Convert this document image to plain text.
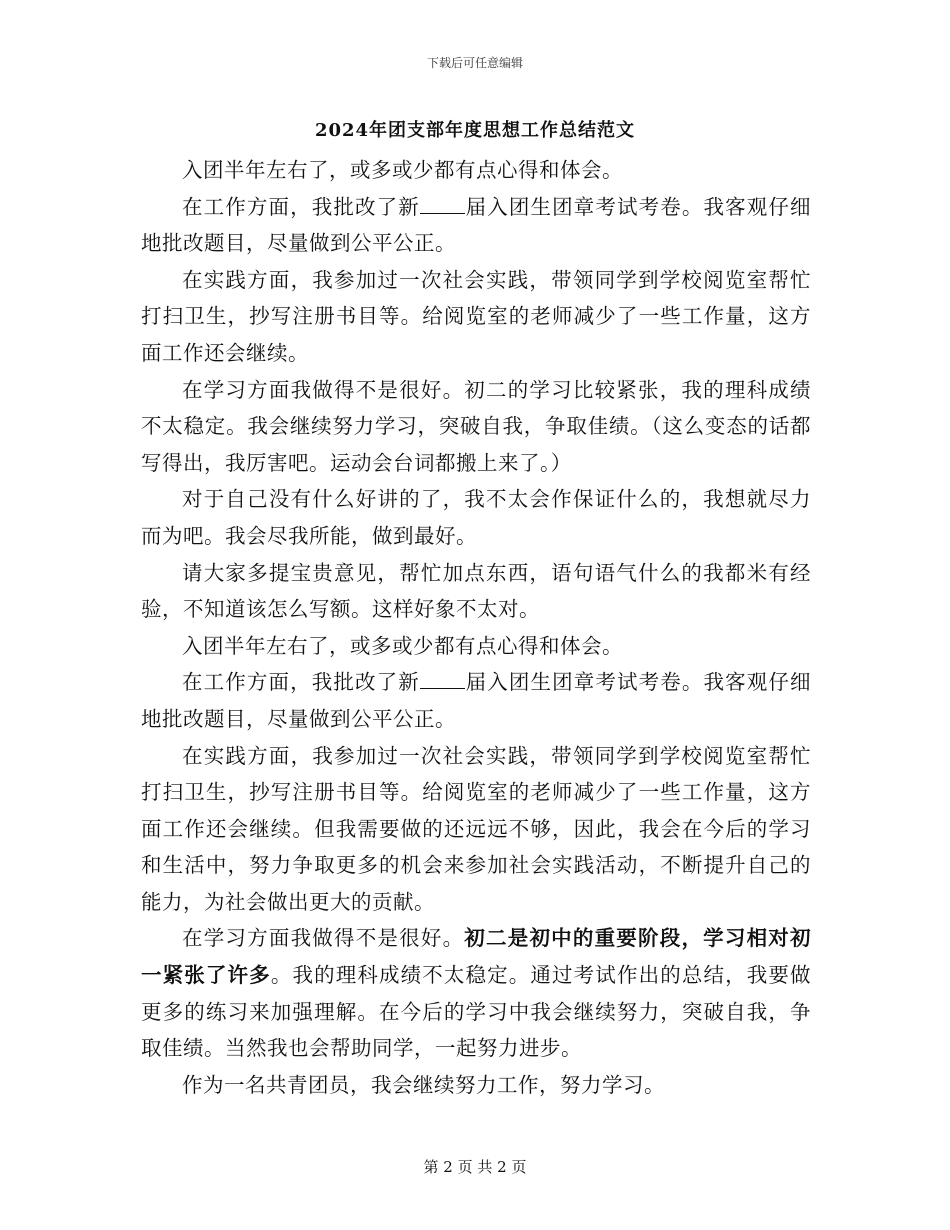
下载后可任意编辑
2024年团支部年度思想工作总结范文

入团半年左右了，或多或少都有点心得和体会。

在工作方面，我批改了新 届入团生团章考试考卷。我客观仔细地批改题目，尽量做到公平公正。

在实践方面，我参加过一次社会实践，带领同学到学校阅览室帮忙打扫卫生，抄写注册书目等。给阅览室的老师减少了一些工作量，这方面工作还会继续。

在学习方面我做得不是很好。初二的学习比较紧张，我的理科成绩不太稳定。我会继续努力学习，突破自我，争取佳绩。（这么变态的话都写得出，我厉害吧。运动会台词都搬上来了。）

对于自己没有什么好讲的了，我不太会作保证什么的，我想就尽力而为吧。我会尽我所能，做到最好。

请大家多提宝贵意见，帮忙加点东西，语句语气什么的我都米有经验，不知道该怎么写额。这样好象不太对。

入团半年左右了，或多或少都有点心得和体会。

在工作方面，我批改了新 届入团生团章考试考卷。我客观仔细地批改题目，尽量做到公平公正。

在实践方面，我参加过一次社会实践，带领同学到学校阅览室帮忙打扫卫生，抄写注册书目等。给阅览室的老师减少了一些工作量，这方面工作还会继续。但我需要做的还远远不够，因此，我会在今后的学习和生活中，努力争取更多的机会来参加社会实践活动，不断提升自己的能力，为社会做出更大的贡献。

在学习方面我做得不是很好。初二是初中的重要阶段，学习相对初一紧张了许多。我的理科成绩不太稳定。通过考试作出的总结，我要做更多的练习来加强理解。在今后的学习中我会继续努力，突破自我，争取佳绩。当然我也会帮助同学，一起努力进步。

作为一名共青团员，我会继续努力工作，努力学习。

第 2 页 共 2 页
